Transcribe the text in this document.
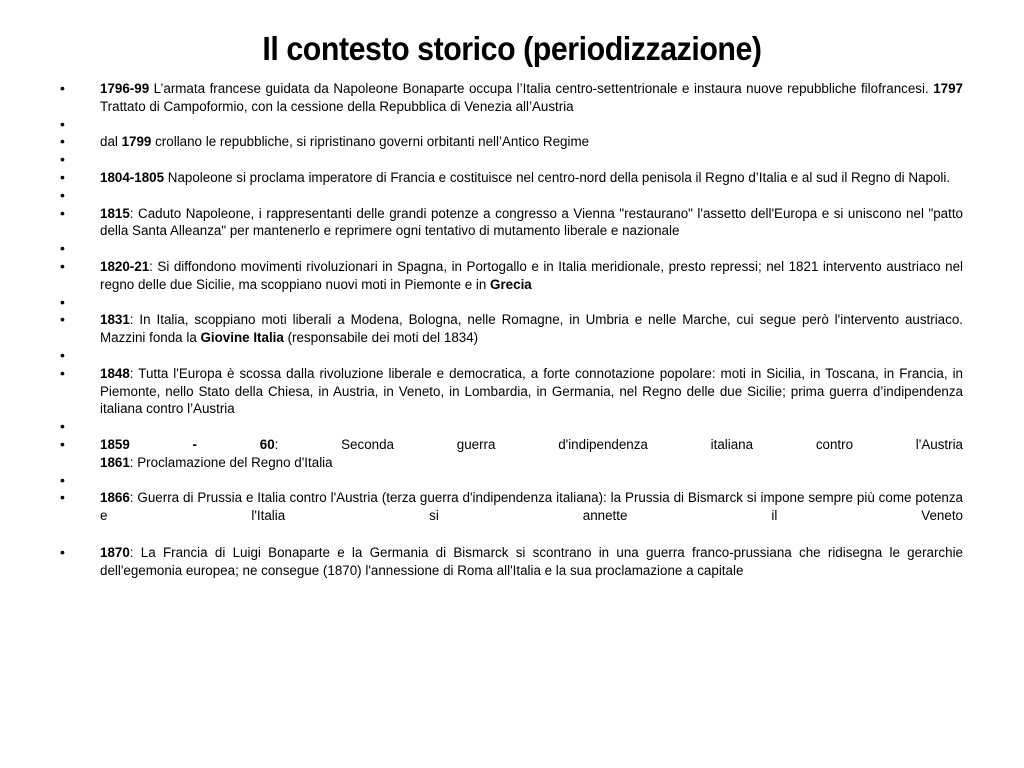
Il contesto storico (periodizzazione)
• 1796-99 L’armata francese guidata da Napoleone Bonaparte occupa l’Italia centro-settentrionale e instaura nuove repubbliche filofrancesi. 1797 Trattato di Campoformio, con la cessione della Repubblica di Venezia all’Austria
•
• dal 1799 crollano le repubbliche, si ripristinano governi orbitanti nell’Antico Regime
•
• 1804-1805 Napoleone si proclama imperatore di Francia e costituisce nel centro-nord della penisola il Regno d’Italia e al sud il Regno di Napoli.
•
• 1815: Caduto Napoleone, i rappresentanti delle grandi potenze a congresso a Vienna "restaurano" l'assetto dell'Europa e si uniscono nel "patto della Santa Alleanza" per mantenerlo e reprimere ogni tentativo di mutamento liberale e nazionale
•
• 1820-21: Si diffondono movimenti rivoluzionari in Spagna, in Portogallo e in Italia meridionale, presto repressi; nel 1821 intervento austriaco nel regno delle due Sicilie, ma scoppiano nuovi moti in Piemonte e in Grecia
•
• 1831: In Italia, scoppiano moti liberali a Modena, Bologna, nelle Romagne, in Umbria e nelle Marche, cui segue però l'intervento austriaco. Mazzini fonda la Giovine Italia (responsabile dei moti del 1834)
•
• 1848: Tutta l'Europa è scossa dalla rivoluzione liberale e democratica, a forte connotazione popolare: moti in Sicilia, in Toscana, in Francia, in Piemonte, nello Stato della Chiesa, in Austria, in Veneto, in Lombardia, in Germania, nel Regno delle due Sicilie; prima guerra d’indipendenza italiana contro l’Austria
•
• 1859 - 60: Seconda guerra d'indipendenza italiana contro l'Austria
1861: Proclamazione del Regno d'Italia
•
• 1866: Guerra di Prussia e Italia contro l'Austria (terza guerra d'indipendenza italiana): la Prussia di Bismarck si impone sempre più come potenza e l'Italia si annette il Veneto
• 1870: La Francia di Luigi Bonaparte e la Germania di Bismarck si scontrano in una guerra franco-prussiana che ridisegna le gerarchie dell'egemonia europea; ne consegue (1870) l'annessione di Roma all'Italia e la sua proclamazione a capitale
